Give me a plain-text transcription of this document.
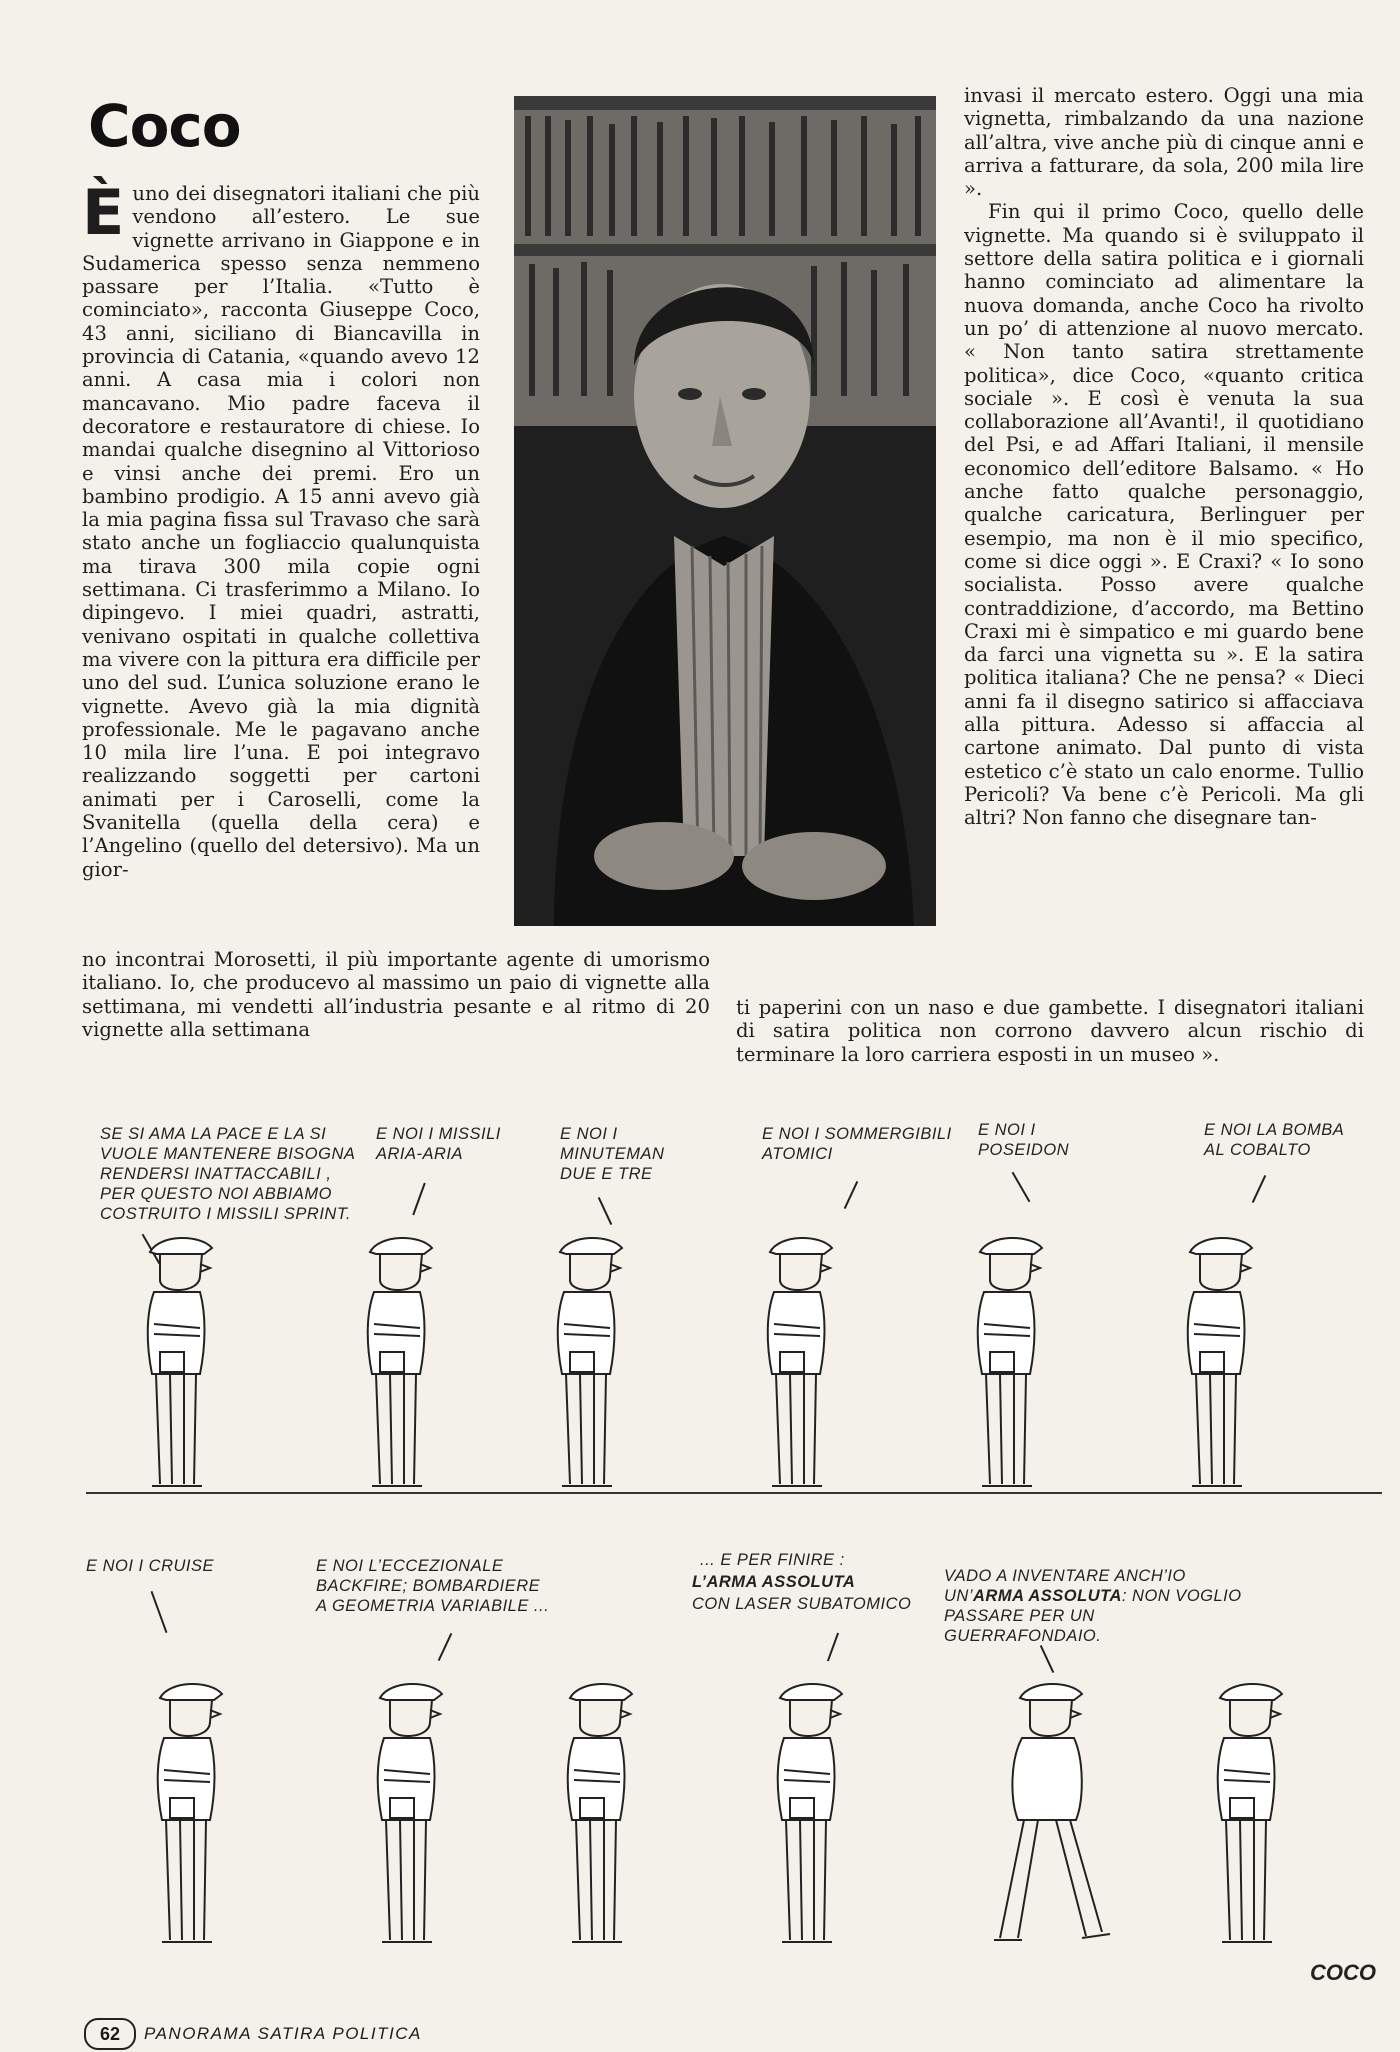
Coco
È uno dei disegnatori italiani che più vendono all’estero. Le sue vignette arrivano in Giappone e in Sudamerica spesso senza nemmeno passare per l’Italia. «Tutto è cominciato», racconta Giuseppe Coco, 43 anni, siciliano di Biancavilla in provincia di Catania, «quando avevo 12 anni. A casa mia i colori non mancavano. Mio padre faceva il decoratore e restauratore di chiese. Io mandai qualche disegnino al Vittorioso e vinsi anche dei premi. Ero un bambino prodigio. A 15 anni avevo già la mia pagina fissa sul Travaso che sarà stato anche un fogliaccio qualunquista ma tirava 300 mila copie ogni settimana. Ci trasferimmo a Milano. Io dipingevo. I miei quadri, astratti, venivano ospitati in qualche collettiva ma vivere con la pittura era difficile per uno del sud. L’unica soluzione erano le vignette. Avevo già la mia dignità professionale. Me le pagavano anche 10 mila lire l’una. E poi integravo realizzando soggetti per cartoni animati per i Caroselli, come la Svanitella (quella della cera) e l’Angelino (quello del detersivo). Ma un gior-

no incontrai Morosetti, il più importante agente di umorismo italiano. Io, che producevo al massimo un paio di vignette alla settimana, mi vendetti all’industria pesante e al ritmo di 20 vignette alla settimana

invasi il mercato estero. Oggi una mia vignetta, rimbalzando da una nazione all’altra, vive anche più di cinque anni e arriva a fatturare, da sola, 200 mila lire ».

Fin qui il primo Coco, quello delle vignette. Ma quando si è sviluppato il settore della satira politica e i giornali hanno cominciato ad alimentare la nuova domanda, anche Coco ha rivolto un po’ di attenzione al nuovo mercato. « Non tanto satira strettamente politica», dice Coco, «quanto critica sociale ». E così è venuta la sua collaborazione all’Avanti!, il quotidiano del Psi, e ad Affari Italiani, il mensile economico dell’editore Balsamo. « Ho anche fatto qualche personaggio, qualche caricatura, Berlinguer per esempio, ma non è il mio specifico, come si dice oggi ». E Craxi? « Io sono socialista. Posso avere qualche contraddizione, d’accordo, ma Bettino Craxi mi è simpatico e mi guardo bene da farci una vignetta su ». E la satira politica italiana? Che ne pensa? « Dieci anni fa il disegno satirico si affacciava alla pittura. Adesso si affaccia al cartone animato. Dal punto di vista estetico c’è stato un calo enorme. Tullio Pericoli? Va bene c’è Pericoli. Ma gli altri? Non fanno che disegnare tan-

ti paperini con un naso e due gambette. I disegnatori italiani di satira politica non corrono davvero alcun rischio di terminare la loro carriera esposti in un museo ».

SE SI AMA LA PACE E LA SI
VUOLE MANTENERE BISOGNA
RENDERSI INATTACCABILI ,
PER QUESTO NOI ABBIAMO
COSTRUITO I MISSILI SPRINT.
E NOI I MISSILI
ARIA-ARIA
E NOI I
MINUTEMAN
DUE E TRE
E NOI I SOMMERGIBILI
ATOMICI
E NOI I
POSEIDON
E NOI LA BOMBA
AL COBALTO
E NOI I CRUISE	E NOI L’ECCEZIONALE
BACKFIRE; BOMBARDIERE
A GEOMETRIA VARIABILE ...
... E PER FINIRE :
L’ARMA ASSOLUTA
CON LASER SUBATOMICO
VADO A INVENTARE ANCH’IO
UN’ARMA ASSOLUTA: NON VOGLIO
PASSARE PER UN
GUERRAFONDAIO.
COCO
62	PANORAMA SATIRA POLITICA
